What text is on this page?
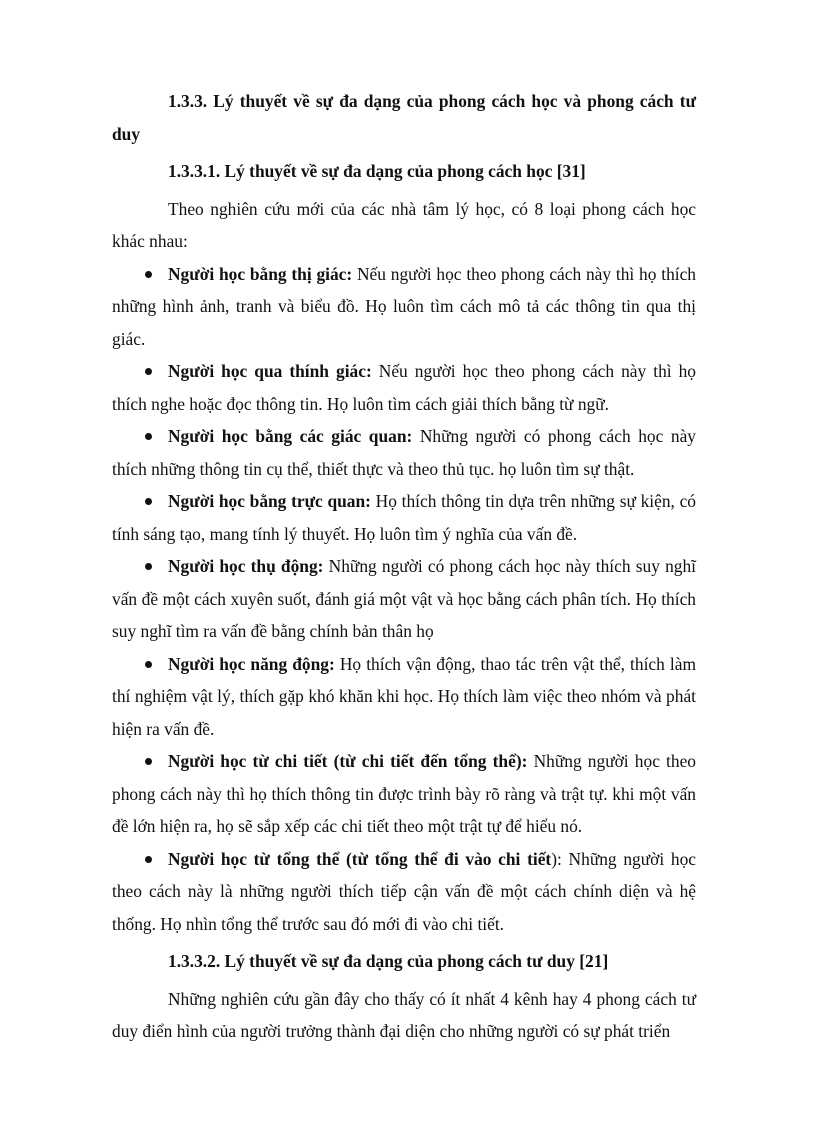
1.3.3. Lý thuyết về sự đa dạng của phong cách học và phong cách tư duy

1.3.3.1. Lý thuyết về sự đa dạng của phong cách học [31]

Theo nghiên cứu mới của các nhà tâm lý học, có 8 loại phong cách học khác nhau:

Người học bằng thị giác: Nếu người học theo phong cách này thì họ thích những hình ảnh, tranh và biểu đồ. Họ luôn tìm cách mô tả các thông tin qua thị giác.
Người học qua thính giác: Nếu người học theo phong cách này thì họ thích nghe hoặc đọc thông tin. Họ luôn tìm cách giải thích bằng từ ngữ.
Người học bằng các giác quan: Những người có phong cách học này thích những thông tin cụ thể, thiết thực và theo thủ tục. họ luôn tìm sự thật.
Người học bằng trực quan: Họ thích thông tin dựa trên những sự kiện, có tính sáng tạo, mang tính lý thuyết. Họ luôn tìm ý nghĩa của vấn đề.
Người học thụ động: Những người có phong cách học này thích suy nghĩ vấn đề một cách xuyên suốt, đánh giá một vật và học bằng cách phân tích. Họ thích suy nghĩ tìm ra vấn đề bằng chính bản thân họ
Người học năng động: Họ thích vận động, thao tác trên vật thể, thích làm thí nghiệm vật lý, thích gặp khó khăn khi học. Họ thích làm việc theo nhóm và phát hiện ra vấn đề.
Người học từ chi tiết (từ chi tiết đến tổng thể): Những người học theo phong cách này thì họ thích thông tin được trình bày rõ ràng và trật tự. khi một vấn đề lớn hiện ra, họ sẽ sắp xếp các chi tiết theo một trật tự để hiểu nó.
Người học từ tổng thể (từ tổng thể đi vào chi tiết): Những người học theo cách này là những người thích tiếp cận vấn đề một cách chính diện và hệ thống. Họ nhìn tổng thể trước sau đó mới đi vào chi tiết.

1.3.3.2. Lý thuyết về sự đa dạng của phong cách tư duy [21]

Những nghiên cứu gần đây cho thấy có ít nhất 4 kênh hay 4 phong cách tư duy điển hình của người trưởng thành đại diện cho những người có sự phát triển
